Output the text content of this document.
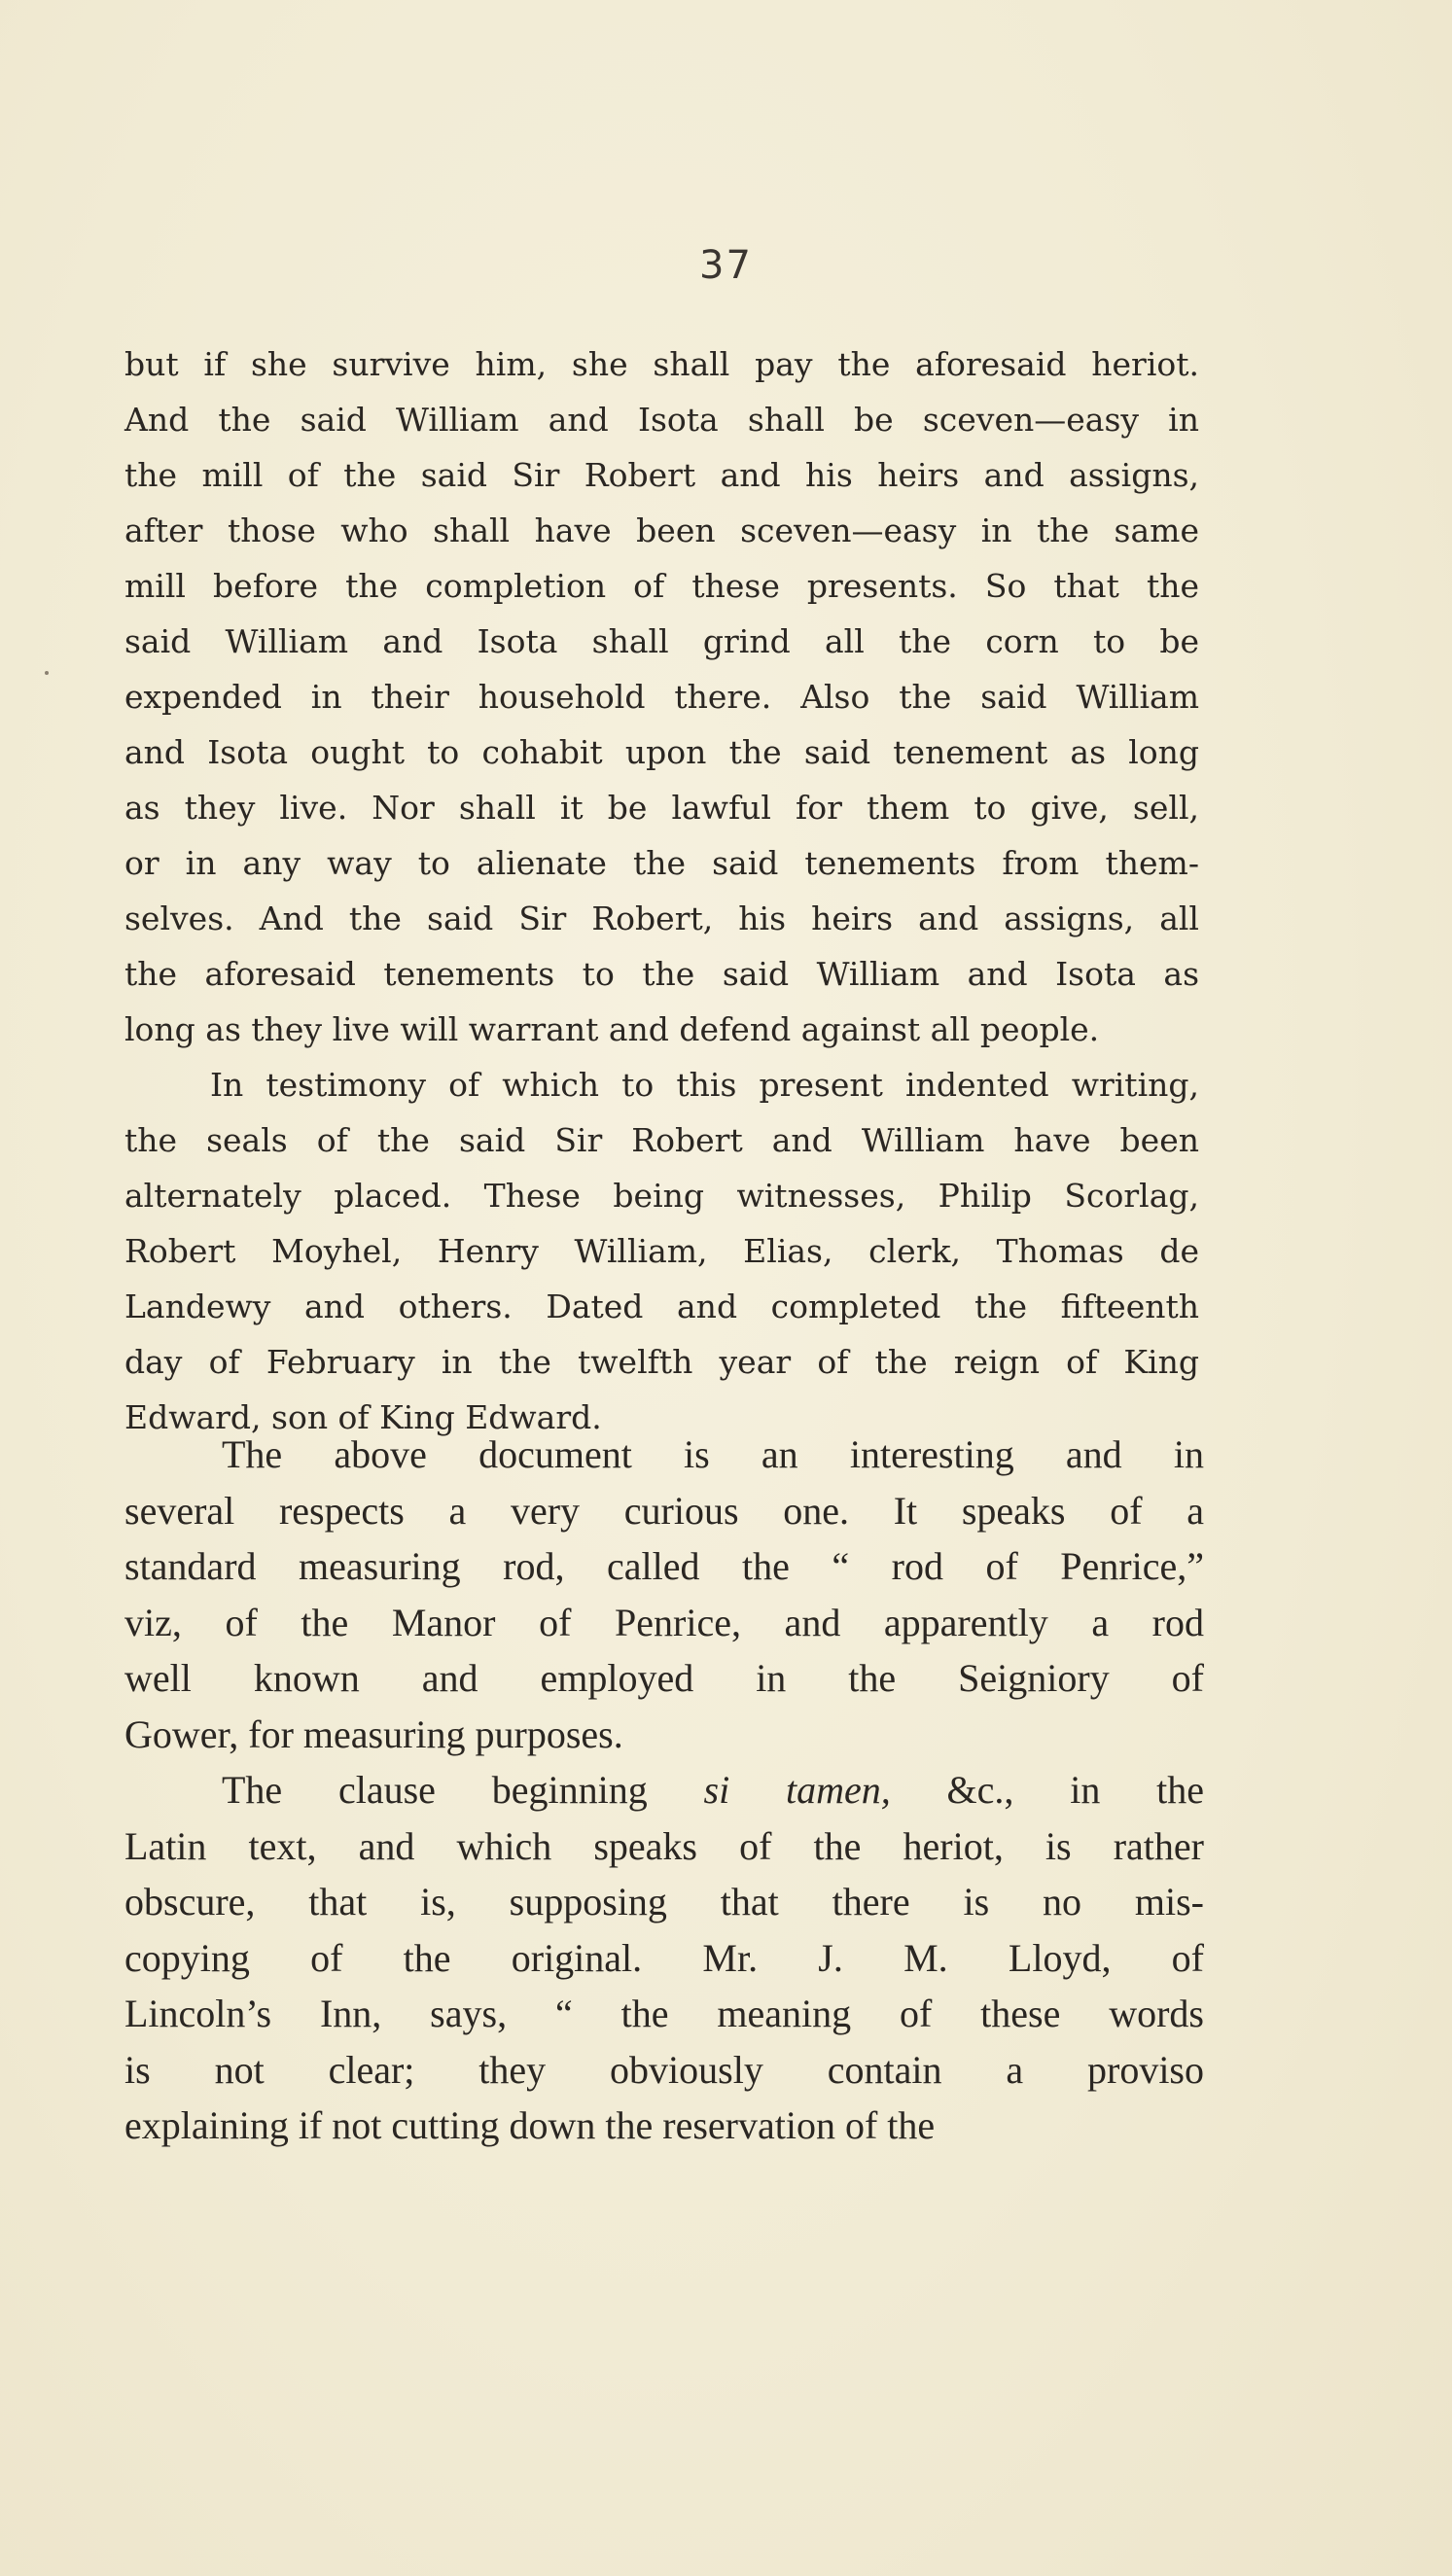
37
but if she survive him, she shall pay the aforesaid heriot.
And the said William and Isota shall be sceven—easy in
the mill of the said Sir Robert and his heirs and assigns,
after those who shall have been sceven—easy in the same
mill before the completion of these presents. So that the
said William and Isota shall grind all the corn to be
expended in their household there. Also the said William
and Isota ought to cohabit upon the said tenement as long
as they live. Nor shall it be lawful for them to give, sell,
or in any way to alienate the said tenements from them-
selves. And the said Sir Robert, his heirs and assigns, all
the aforesaid tenements to the said William and Isota as
long as they live will warrant and defend against all people.
In testimony of which to this present indented writing,
the seals of the said Sir Robert and William have been
alternately placed. These being witnesses, Philip Scorlag,
Robert Moyhel, Henry William, Elias, clerk, Thomas de
Landewy and others. Dated and completed the fifteenth
day of February in the twelfth year of the reign of King
Edward, son of King Edward.
The above document is an interesting and in
several respects a very curious one. It speaks of a
standard measuring rod, called the “ rod of Penrice,”
viz, of the Manor of Penrice, and apparently a rod
well known and employed in the Seigniory of
Gower, for measuring purposes.
The clause beginning si tamen, &c., in the
Latin text, and which speaks of the heriot, is rather
obscure, that is, supposing that there is no mis-
copying of the original. Mr. J. M. Lloyd, of
Lincoln’s Inn, says, “ the meaning of these words
is not clear; they obviously contain a proviso
explaining if not cutting down the reservation of the
